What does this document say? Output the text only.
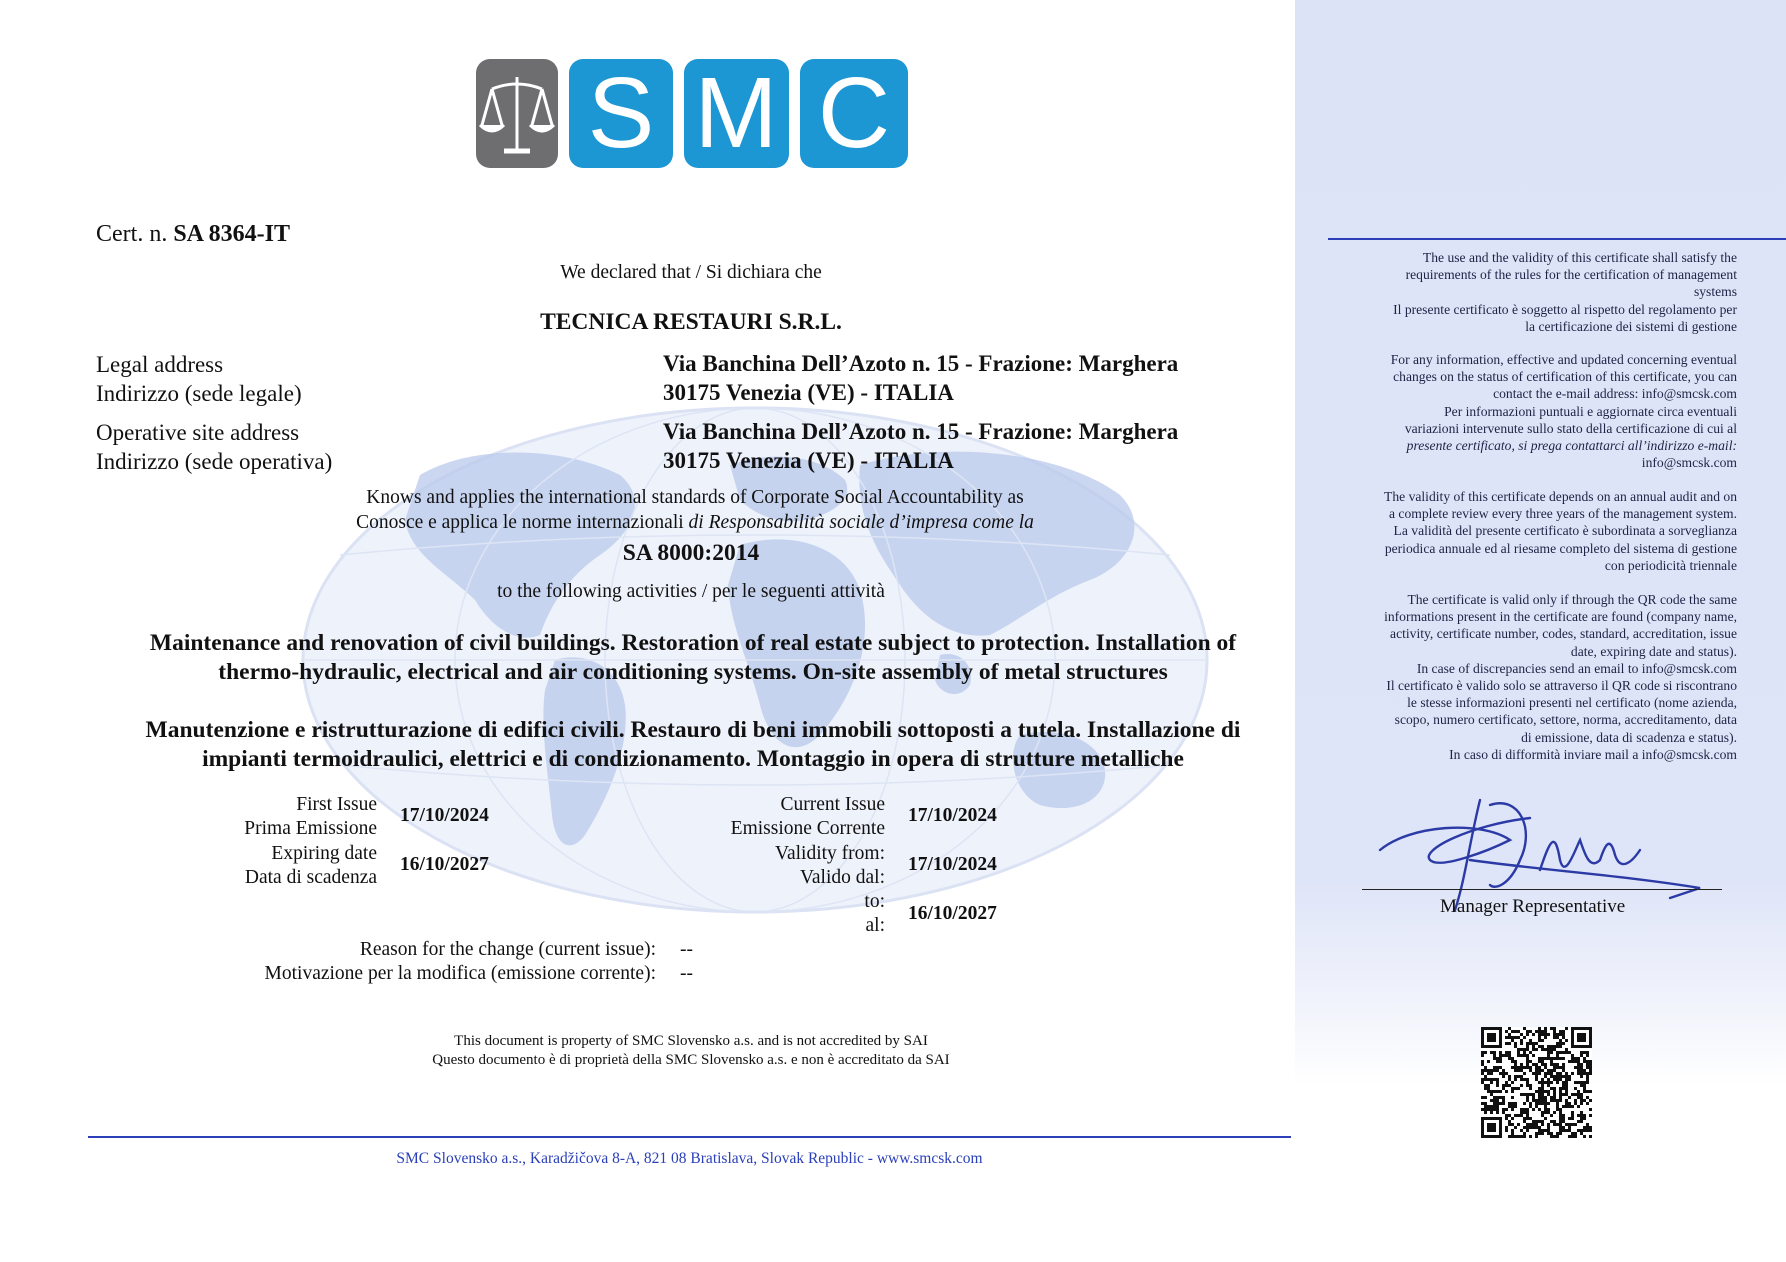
The use and the validity of this certificate shall satisfy the
requirements of the rules for the certification of management
systems
Il presente certificato è soggetto al rispetto del regolamento per
la certificazione dei sistemi di gestione

For any information, effective and updated concerning eventual
changes on the status of certification of this certificate, you can
contact the e-mail address: info@smcsk.com
Per informazioni puntuali e aggiornate circa eventuali
variazioni intervenute sullo stato della certificazione di cui al
presente certificato, si prega contattarci all’indirizzo e-mail:
info@smcsk.com

The validity of this certificate depends on an annual audit and on
a complete review every three years of the management system.
La validità del presente certificato è subordinata a sorveglianza
periodica annuale ed al riesame completo del sistema di gestione
con periodicità triennale

The certificate is valid only if through the QR code the same
informations present in the certificate are found (company name,
activity, certificate number, codes, standard, accreditation, issue
date, expiring date and status).
In case of discrepancies send an email to info@smcsk.com
Il certificato è valido solo se attraverso il QR code si riscontrano
le stesse informazioni presenti nel certificato (nome azienda,
scopo, numero certificato, settore, norma, accreditamento, data
di emissione, data di scadenza e status).
In caso di difformità inviare mail a info@smcsk.com

S M C
Cert. n. SA 8364-IT
We declared that / Si dichiara che
TECNICA RESTAURI S.R.L.
Legal address
Indirizzo (sede legale)
Via Banchina Dell’Azoto n. 15 - Frazione: Marghera
30175 Venezia (VE) - ITALIA
Operative site address
Indirizzo (sede operativa)
Via Banchina Dell’Azoto n. 15 - Frazione: Marghera
30175 Venezia (VE) - ITALIA
Knows and applies the international standards of Corporate Social Accountability as
Conosce e applica le norme internazionali di Responsabilità sociale d’impresa come la
SA 8000:2014
to the following activities / per le seguenti attività
Maintenance and renovation of civil buildings. Restoration of real estate subject to protection. Installation of
thermo-hydraulic, electrical and air conditioning systems. On-site assembly of metal structures
Manutenzione e ristrutturazione di edifici civili. Restauro di beni immobili sottoposti a tutela. Installazione di
impianti termoidraulici, elettrici e di condizionamento. Montaggio in opera di strutture metalliche
First Issue
Prima Emissione
17/10/2024
Expiring date
Data di scadenza
16/10/2027
Current Issue
Emissione Corrente
17/10/2024
Validity from:
Valido dal:
17/10/2024
to:
al:
16/10/2027
Reason for the change (current issue):
Motivazione per la modifica (emissione corrente):
--
--
This document is property of SMC Slovensko a.s. and is not accredited by SAI
Questo documento è di proprietà della SMC Slovensko a.s. e non è accreditato da SAI
SMC Slovensko a.s., Karadžičova 8-A, 821 08 Bratislava, Slovak Republic - www.smcsk.com
Manager Representative
